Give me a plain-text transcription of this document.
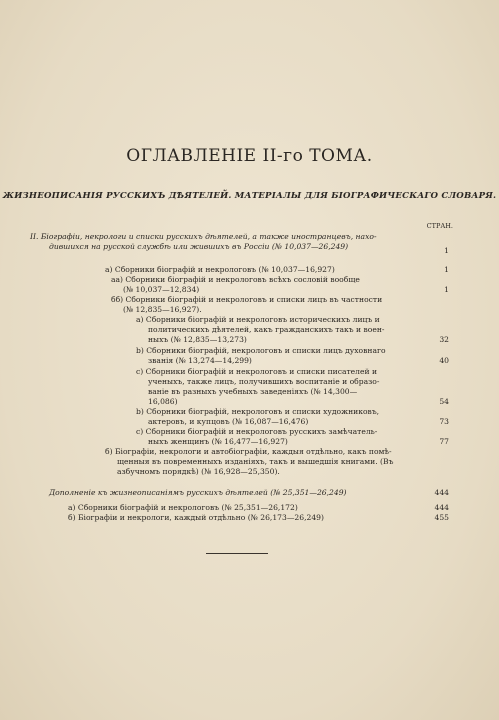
ОГЛАВЛЕНІЕ II-го ТОМА.
ЖИЗНЕОПИСАНІЯ РУССКИХЪ ДѢЯТЕЛЕЙ. МАТЕРІАЛЫ ДЛЯ БІОГРАФИЧЕСКАГО СЛОВАРЯ.
СТРАН.
II. Біографіи, некрологи и списки русскихъ дѣятелей, а также иностранцевъ, нахо-
дившихся на русской службѣ или жившихъ въ Россіи (№ 10,037—26,249)	1
а) Сборники біографій и некрологовъ (№ 10,037—16,927)	1
аа) Сборники біографій и некрологовъ всѣхъ сословій вообще
(№ 10,037—12,834)	1
бб) Сборники біографій и некрологовъ и списки лицъ въ частности
(№ 12,835—16,927).
а) Сборники біографій и некрологовъ историческихъ лицъ и
политическихъ дѣятелей, какъ гражданскихъ такъ и воен-
ныхъ (№ 12,835—13,273)	32
b) Сборники біографій, некрологовъ и списки лицъ духовнаго
званія (№ 13,274—14,299)	40
c) Сборники біографій и некрологовъ и списки писателей и
ученыхъ, также лицъ, получившихъ воспитаніе и образо-
ваніе въ разныхъ учебныхъ заведеніяхъ (№ 14,300—
16,086)	54
b) Сборники біографій, некрологовъ и списки художниковъ,
актеровъ, и купцовъ (№ 16,087—16,476)	73
c) Сборники біографій и некрологовъ русскихъ замѣчатель-
ныхъ женщинъ (№ 16,477—16,927)	77
б) Біографіи, некрологи и автобіографіи, каждыя отдѣльно, какъ помѣ-
щенныя въ повременныхъ изданіяхъ, такъ и вышедшія книгами. (Въ
азбучномъ порядкѣ) (№ 16,928—25,350).
Дополненіе къ жизнеописаніямъ русскихъ дѣятелей (№ 25,351—26,249)	444
а) Сборники біографій и некрологовъ (№ 25,351—26,172)	444
б) Біографіи и некрологи, каждый отдѣльно (№ 26,173—26,249)	455
